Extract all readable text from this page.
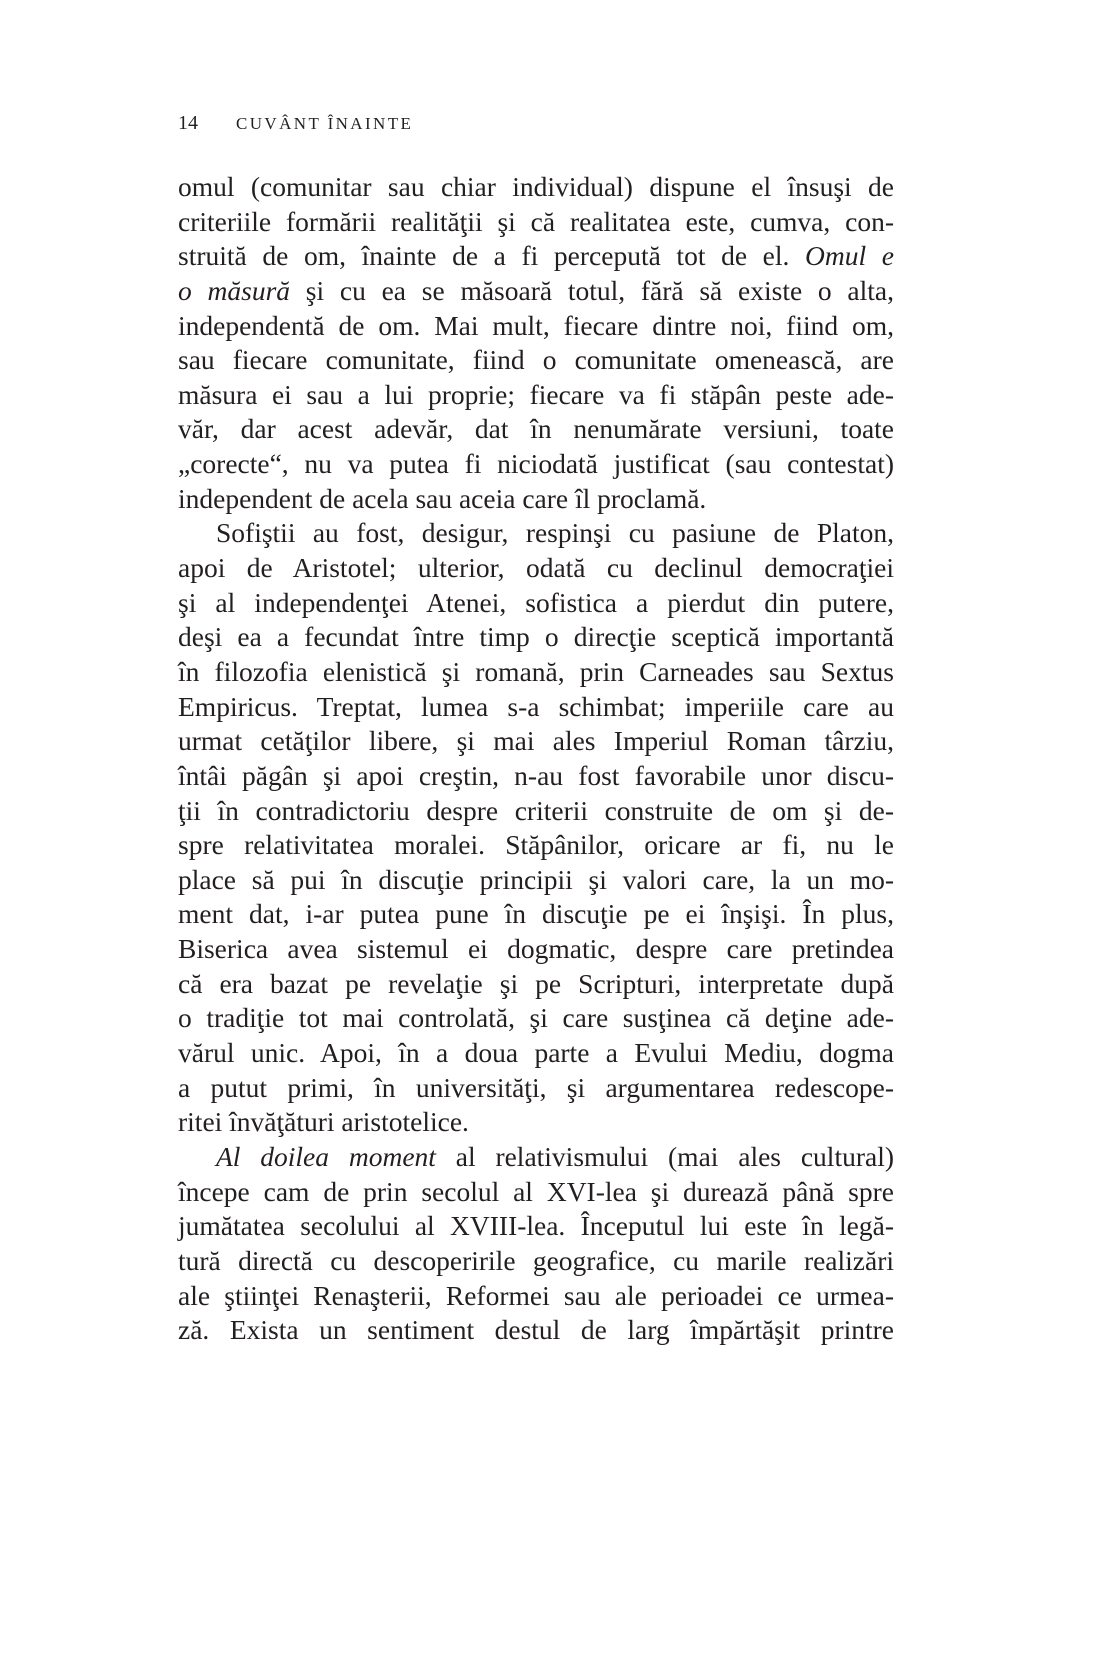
14 CUVÂNT ÎNAINTE
omul (comunitar sau chiar individual) dispune el însuşi de
criteriile formării realităţii şi că realitatea este, cumva, con-
struită de om, înainte de a fi percepută tot de el. Omul e
o măsură şi cu ea se măsoară totul, fără să existe o alta,
independentă de om. Mai mult, fiecare dintre noi, fiind om,
sau fiecare comunitate, fiind o comunitate omenească, are
măsura ei sau a lui proprie; fiecare va fi stăpân peste ade-
văr, dar acest adevăr, dat în nenumărate versiuni, toate
„corecte“, nu va putea fi niciodată justificat (sau contestat)
independent de acela sau aceia care îl proclamă.
Sofiştii au fost, desigur, respinşi cu pasiune de Platon,
apoi de Aristotel; ulterior, odată cu declinul democraţiei
şi al independenţei Atenei, sofistica a pierdut din putere,
deşi ea a fecundat între timp o direcţie sceptică importantă
în filozofia elenistică şi romană, prin Carneades sau Sextus
Empiricus. Treptat, lumea s-a schimbat; imperiile care au
urmat cetăţilor libere, şi mai ales Imperiul Roman târziu,
întâi păgân şi apoi creştin, n-au fost favorabile unor discu-
ţii în contradictoriu despre criterii construite de om şi de-
spre relativitatea moralei. Stăpânilor, oricare ar fi, nu le
place să pui în discuţie principii şi valori care, la un mo-
ment dat, i-ar putea pune în discuţie pe ei înşişi. În plus,
Biserica avea sistemul ei dogmatic, despre care pretindea
că era bazat pe revelaţie şi pe Scripturi, interpretate după
o tradiţie tot mai controlată, şi care susţinea că deţine ade-
vărul unic. Apoi, în a doua parte a Evului Mediu, dogma
a putut primi, în universităţi, şi argumentarea redescope-
ritei învăţături aristotelice.
Al doilea moment al relativismului (mai ales cultural)
începe cam de prin secolul al XVI-lea şi durează până spre
jumătatea secolului al XVIII-lea. Începutul lui este în legă-
tură directă cu descoperirile geografice, cu marile realizări
ale ştiinţei Renaşterii, Reformei sau ale perioadei ce urmea-
ză. Exista un sentiment destul de larg împărtăşit printre
